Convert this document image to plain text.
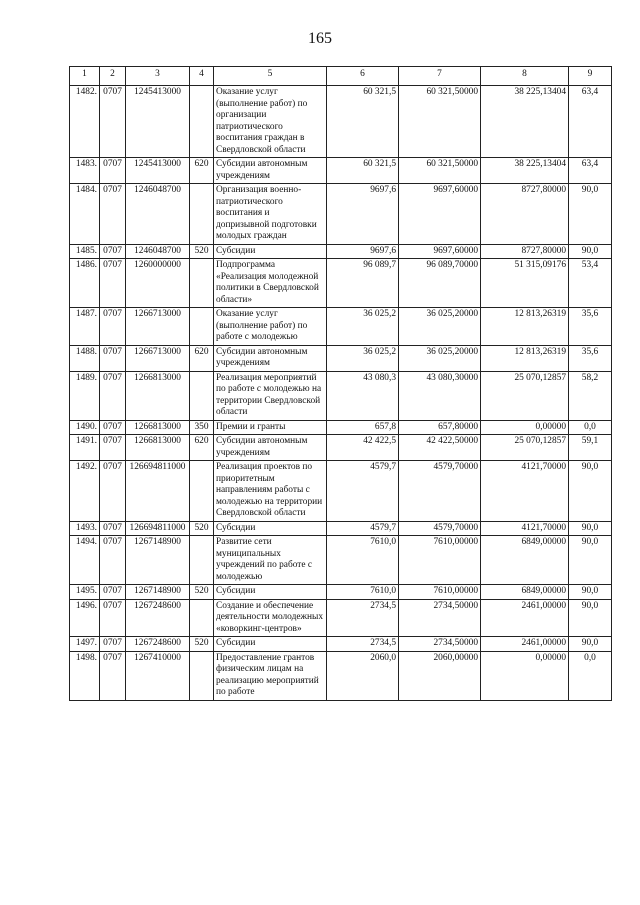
165
1	2	3	4	5	6	7	8	9
1482.	0707	1245413000		Оказание услуг (выполнение работ) по организации патриотического воспитания граждан в Свердловской области	60 321,5	60 321,50000	38 225,13404	63,4
1483.	0707	1245413000	620	Субсидии автономным учреждениям	60 321,5	60 321,50000	38 225,13404	63,4
1484.	0707	1246048700		Организация военно-патриотического воспитания и допризывной подготовки молодых граждан	9697,6	9697,60000	8727,80000	90,0
1485.	0707	1246048700	520	Субсидии	9697,6	9697,60000	8727,80000	90,0
1486.	0707	1260000000		Подпрограмма «Реализация молодежной политики в Свердловской области»	96 089,7	96 089,70000	51 315,09176	53,4
1487.	0707	1266713000		Оказание услуг (выполнение работ) по работе с молодежью	36 025,2	36 025,20000	12 813,26319	35,6
1488.	0707	1266713000	620	Субсидии автономным учреждениям	36 025,2	36 025,20000	12 813,26319	35,6
1489.	0707	1266813000		Реализация мероприятий по работе с молодежью на территории Свердловской области	43 080,3	43 080,30000	25 070,12857	58,2
1490.	0707	1266813000	350	Премии и гранты	657,8	657,80000	0,00000	0,0
1491.	0707	1266813000	620	Субсидии автономным учреждениям	42 422,5	42 422,50000	25 070,12857	59,1
1492.	0707	126694811000		Реализация проектов по приоритетным направлениям работы с молодежью на территории Свердловской области	4579,7	4579,70000	4121,70000	90,0
1493.	0707	126694811000	520	Субсидии	4579,7	4579,70000	4121,70000	90,0
1494.	0707	1267148900		Развитие сети муниципальных учреждений по работе с молодежью	7610,0	7610,00000	6849,00000	90,0
1495.	0707	1267148900	520	Субсидии	7610,0	7610,00000	6849,00000	90,0
1496.	0707	1267248600		Создание и обеспечение деятельности молодежных «коворкинг-центров»	2734,5	2734,50000	2461,00000	90,0
1497.	0707	1267248600	520	Субсидии	2734,5	2734,50000	2461,00000	90,0
1498.	0707	1267410000		Предоставление грантов физическим лицам на реализацию мероприятий по работе	2060,0	2060,00000	0,00000	0,0
